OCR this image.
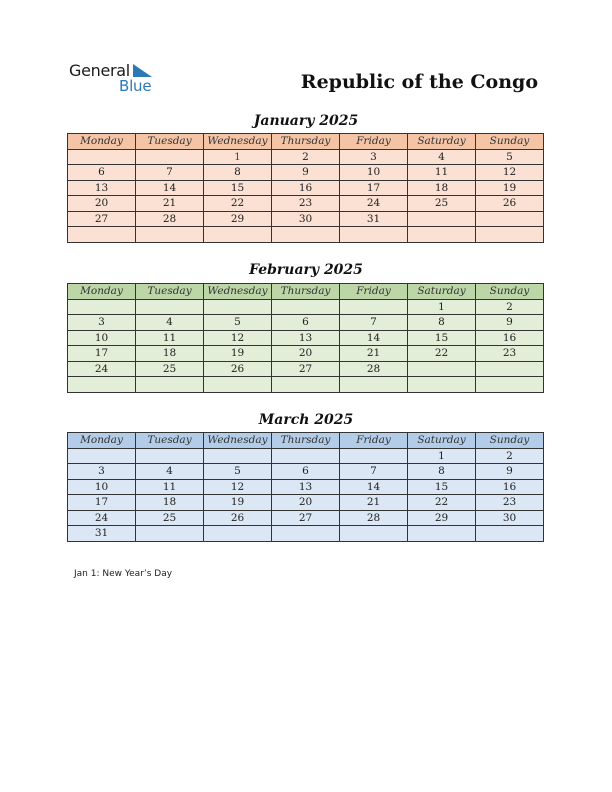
General
Blue	Republic of the Congo
January 2025
Monday	Tuesday	Wednesday	Thursday	Friday	Saturday	Sunday
		1	2	3	4	5
6	7	8	9	10	11	12
13	14	15	16	17	18	19
20	21	22	23	24	25	26
27	28	29	30	31		

February 2025
Monday	Tuesday	Wednesday	Thursday	Friday	Saturday	Sunday
					1	2
3	4	5	6	7	8	9
10	11	12	13	14	15	16
17	18	19	20	21	22	23
24	25	26	27	28		

March 2025
Monday	Tuesday	Wednesday	Thursday	Friday	Saturday	Sunday
					1	2
3	4	5	6	7	8	9
10	11	12	13	14	15	16
17	18	19	20	21	22	23
24	25	26	27	28	29	30
31						
Jan 1: New Year’s Day
